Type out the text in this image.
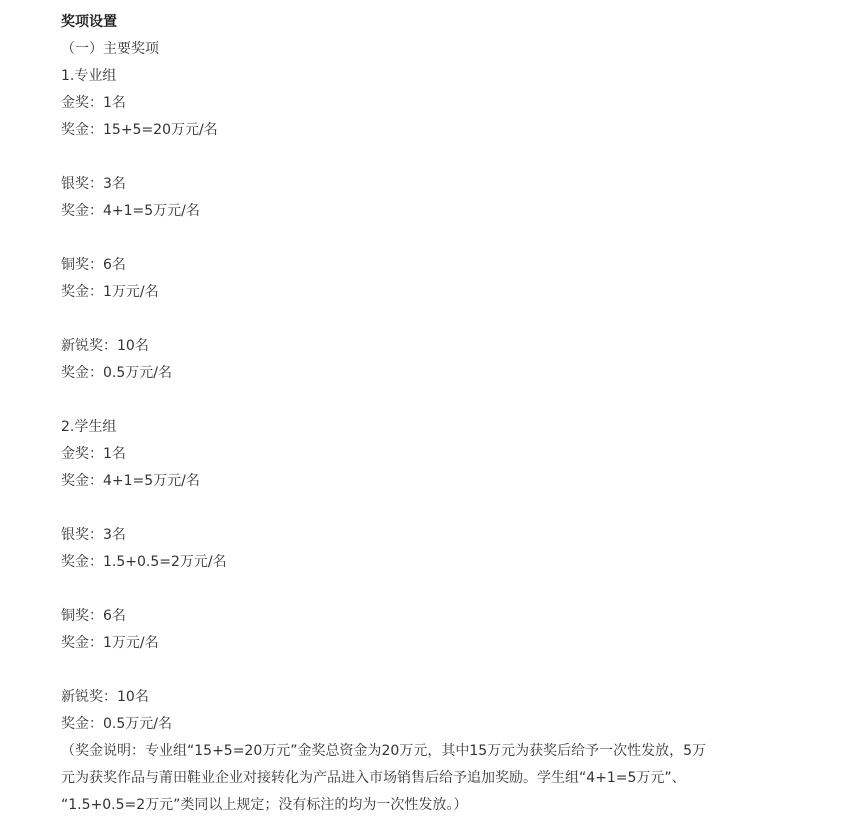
奖项设置
（一）主要奖项
1.专业组
金奖：1名
奖金：15+5=20万元/名
银奖：3名
奖金：4+1=5万元/名
铜奖：6名
奖金：1万元/名
新锐奖：10名
奖金：0.5万元/名
2.学生组
金奖：1名
奖金：4+1=5万元/名
银奖：3名
奖金：1.5+0.5=2万元/名
铜奖：6名
奖金：1万元/名
新锐奖：10名
奖金：0.5万元/名
（奖金说明：专业组“15+5=20万元”金奖总资金为20万元，其中15万元为获奖后给予一次性发放，5万
元为获奖作品与莆田鞋业企业对接转化为产品进入市场销售后给予追加奖励。学生组“4+1=5万元”、
“1.5+0.5=2万元”类同以上规定；没有标注的均为一次性发放。）
